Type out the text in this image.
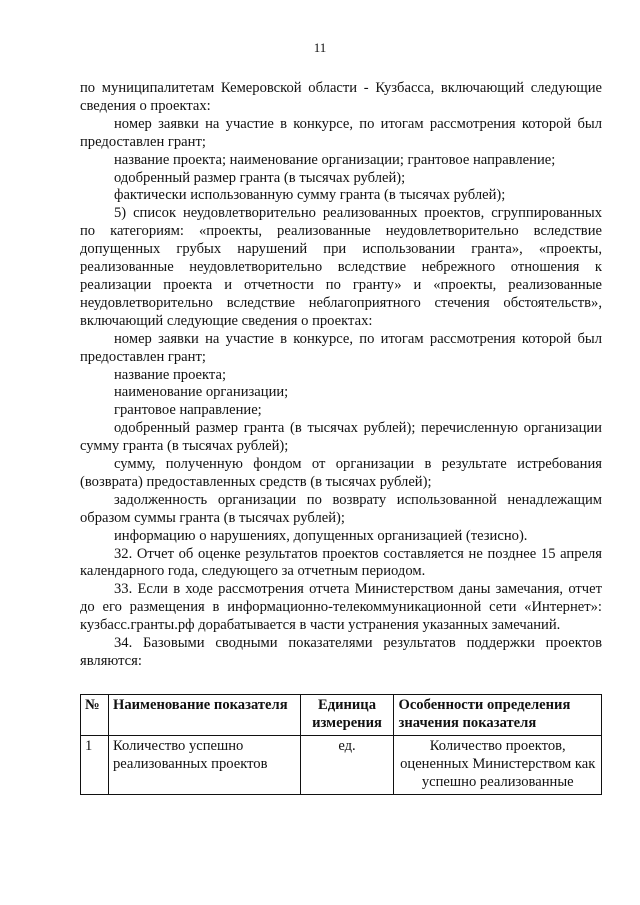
11

по муниципалитетам Кемеровской области - Кузбасса, включающий следующие сведения о проектах:

номер заявки на участие в конкурсе, по итогам рассмотрения которой был предоставлен грант;

название проекта; наименование организации; грантовое направление;

одобренный размер гранта (в тысячах рублей);

фактически использованную сумму гранта (в тысячах рублей);

5) список неудовлетворительно реализованных проектов, сгруппированных по категориям: «проекты, реализованные неудовлетворительно вследствие допущенных грубых нарушений при использовании гранта», «проекты, реализованные неудовлетворительно вследствие небрежного отношения к реализации проекта и отчетности по гранту» и «проекты, реализованные неудовлетворительно вследствие неблагоприятного стечения обстоятельств», включающий следующие сведения о проектах:

номер заявки на участие в конкурсе, по итогам рассмотрения которой был предоставлен грант;

название проекта;

наименование организации;

грантовое направление;

одобренный размер гранта (в тысячах рублей); перечисленную организации сумму гранта (в тысячах рублей);

сумму, полученную фондом от организации в результате истребования (возврата) предоставленных средств (в тысячах рублей);

задолженность организации по возврату использованной ненадлежащим образом суммы гранта (в тысячах рублей);

информацию о нарушениях, допущенных организацией (тезисно).

32. Отчет об оценке результатов проектов составляется не позднее 15 апреля календарного года, следующего за отчетным периодом.

33. Если в ходе рассмотрения отчета Министерством даны замечания, отчет до его размещения в информационно-телекоммуникационной сети «Интернет»: кузбасс.гранты.рф дорабатывается в части устранения указанных замечаний.

34. Базовыми сводными показателями результатов поддержки проектов являются:

№	Наименование показателя	Единица измерения	Особенности определения значения показателя
1	Количество успешно реализованных проектов	ед.	Количество проектов, оцененных Министерством как успешно реализованные
